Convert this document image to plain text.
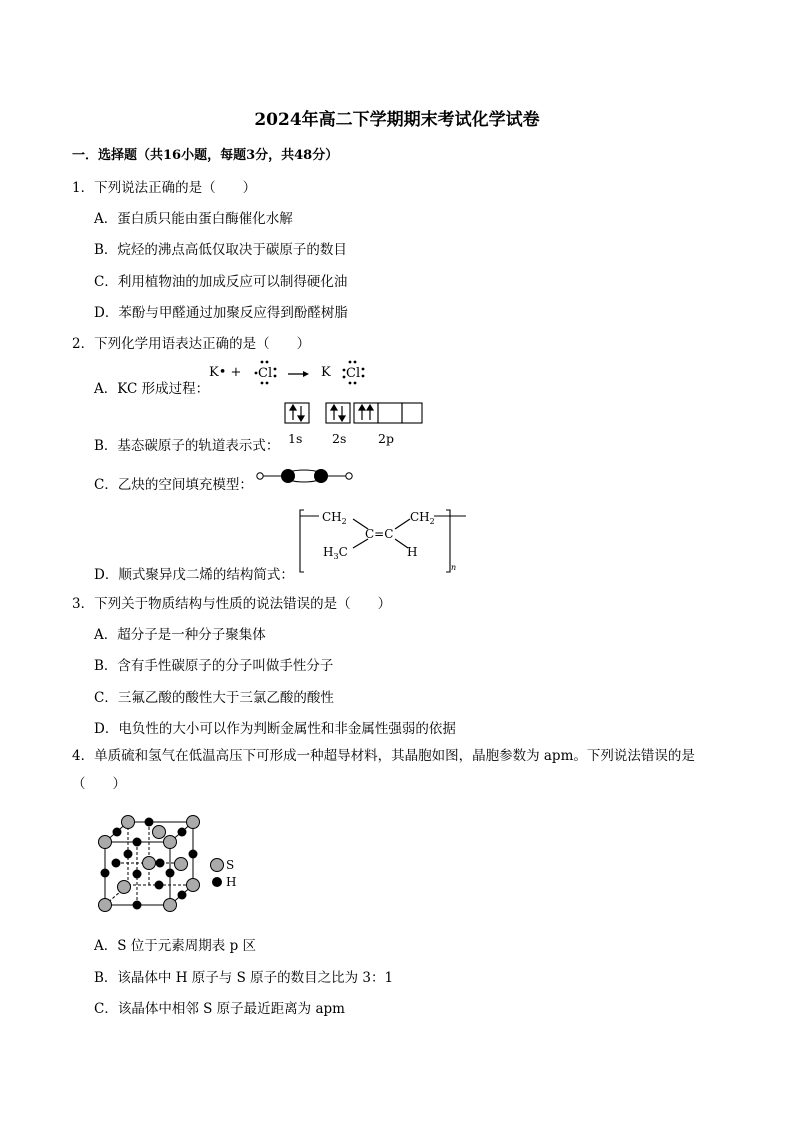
2024年高二下学期期末考试化学试卷
一．选择题（共16小题，每题3分，共48分）
1．下列说法正确的是（　　）
A．蛋白质只能由蛋白酶催化水解
B．烷烃的沸点高低仅取决于碳原子的数目
C．利用植物油的加成反应可以制得硬化油
D．苯酚与甲醛通过加聚反应得到酚醛树脂
2．下列化学用语表达正确的是（　　）
A．KC 形成过程：
K• + Cl	K Cl
1s 2s	2p
B．基态碳原子的轨道表示式：
C．乙炔的空间填充模型：
D．顺式聚异戊二烯的结构简式：
$CH_2$	$CH_2$
C=C
$H_3C$	H
n
3．下列关于物质结构与性质的说法错误的是（　　）
A．超分子是一种分子聚集体
B．含有手性碳原子的分子叫做手性分子
C．三氟乙酸的酸性大于三氯乙酸的酸性
D．电负性的大小可以作为判断金属性和非金属性强弱的依据
4．单质硫和氢气在低温高压下可形成一种超导材料，其晶胞如图，晶胞参数为 apm。下列说法错误的是（　　）
S
H
A．S 位于元素周期表 p 区
B．该晶体中 H 原子与 S 原子的数目之比为 3：1
C．该晶体中相邻 S 原子最近距离为 apm
